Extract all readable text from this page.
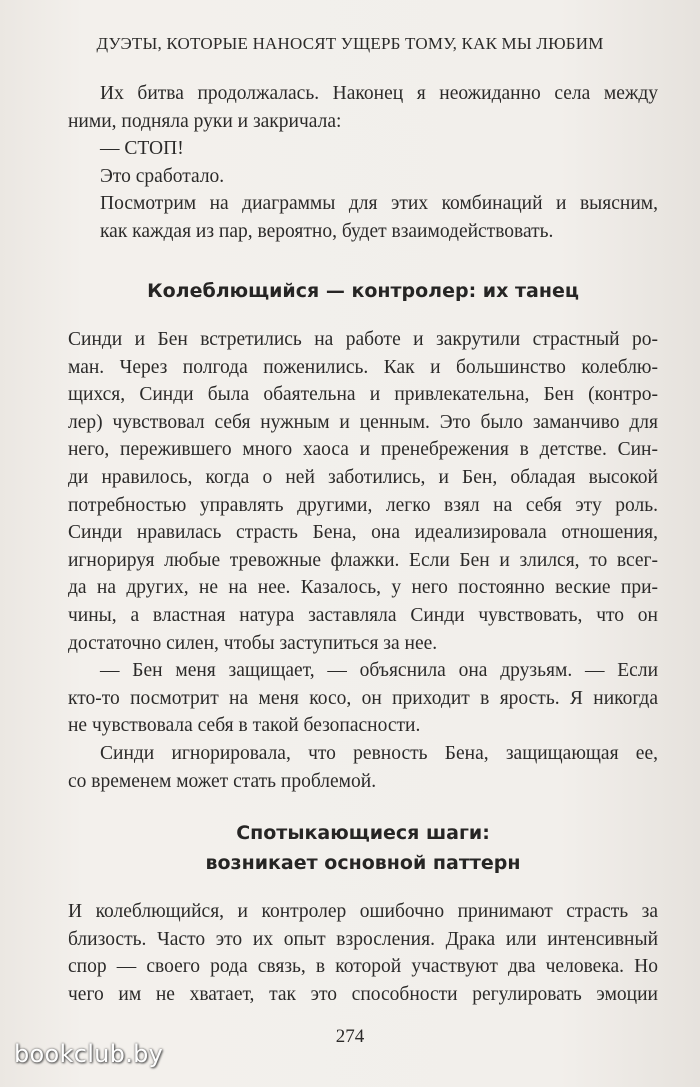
ДУЭТЫ, КОТОРЫЕ НАНОСЯТ УЩЕРБ ТОМУ, КАК МЫ ЛЮБИМ
Их битва продолжалась. Наконец я неожиданно села между
ними, подняла руки и закричала:
— СТОП!
Это сработало.
Посмотрим на диаграммы для этих комбинаций и выясним,
как каждая из пар, вероятно, будет взаимодействовать.
Колеблющийся — контролер: их танец
Синди и Бен встретились на работе и закрутили страстный ро-
ман. Через полгода поженились. Как и большинство колеблю-
щихся, Синди была обаятельна и привлекательна, Бен (контро-
лер) чувствовал себя нужным и ценным. Это было заманчиво для
него, пережившего много хаоса и пренебрежения в детстве. Син-
ди нравилось, когда о ней заботились, и Бен, обладая высокой
потребностью управлять другими, легко взял на себя эту роль.
Синди нравилась страсть Бена, она идеализировала отношения,
игнорируя любые тревожные флажки. Если Бен и злился, то всег-
да на других, не на нее. Казалось, у него постоянно веские при-
чины, а властная натура заставляла Синди чувствовать, что он
достаточно силен, чтобы заступиться за нее.
— Бен меня защищает, — объяснила она друзьям. — Если
кто-то посмотрит на меня косо, он приходит в ярость. Я никогда
не чувствовала себя в такой безопасности.
Синди игнорировала, что ревность Бена, защищающая ее,
со временем может стать проблемой.
Спотыкающиеся шаги:
возникает основной паттерн
И колеблющийся, и контролер ошибочно принимают страсть за
близость. Часто это их опыт взросления. Драка или интенсивный
спор — своего рода связь, в которой участвуют два человека. Но
чего им не хватает, так это способности регулировать эмоции
274
bookclub.by
